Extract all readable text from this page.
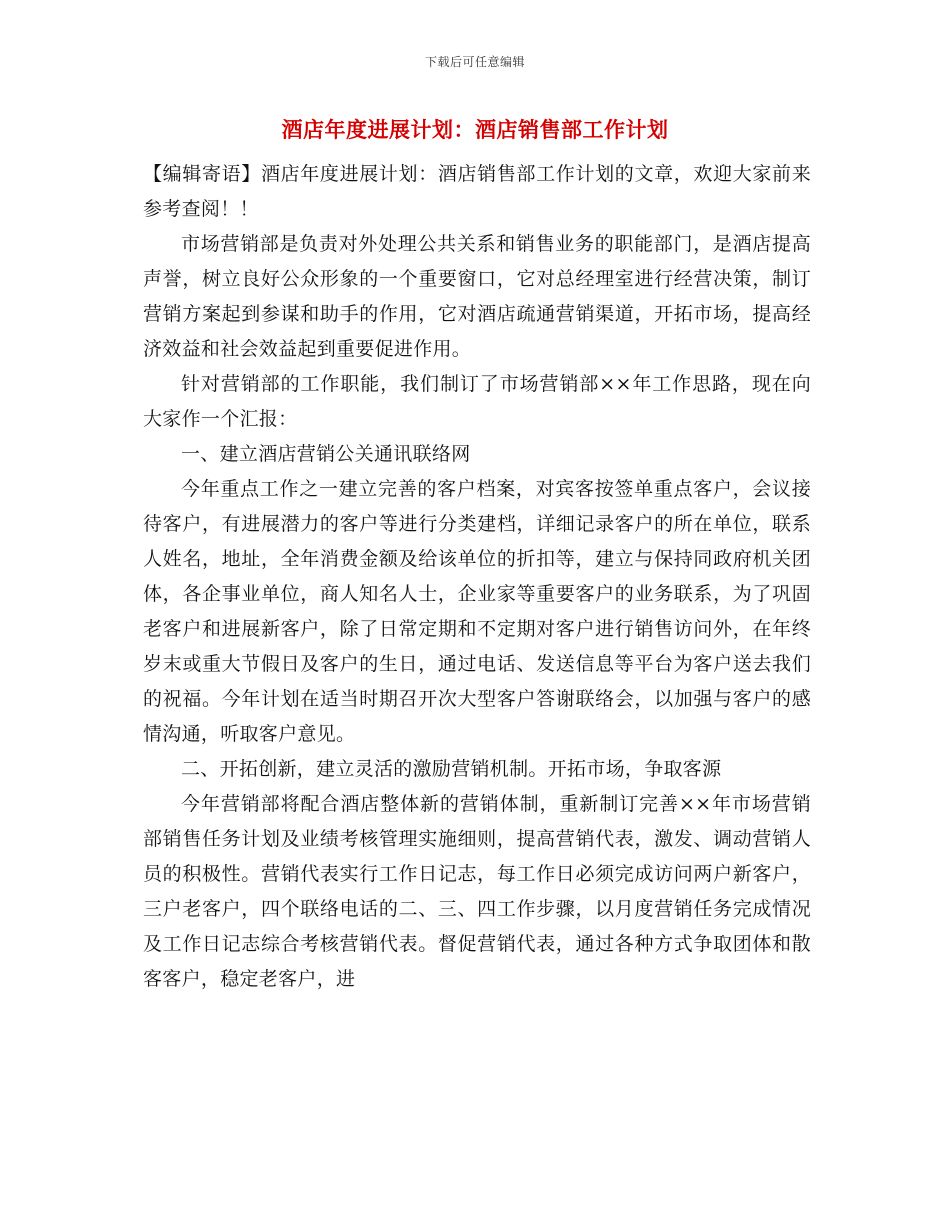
下载后可任意编辑
酒店年度进展计划：酒店销售部工作计划

【编辑寄语】酒店年度进展计划：酒店销售部工作计划的文章，欢迎大家前来参考查阅！！

市场营销部是负责对外处理公共关系和销售业务的职能部门，是酒店提高声誉，树立良好公众形象的一个重要窗口，它对总经理室进行经营决策，制订营销方案起到参谋和助手的作用，它对酒店疏通营销渠道，开拓市场，提高经济效益和社会效益起到重要促进作用。

针对营销部的工作职能，我们制订了市场营销部××年工作思路，现在向大家作一个汇报：

一、建立酒店营销公关通讯联络网

今年重点工作之一建立完善的客户档案，对宾客按签单重点客户，会议接待客户，有进展潜力的客户等进行分类建档，详细记录客户的所在单位，联系人姓名，地址，全年消费金额及给该单位的折扣等，建立与保持同政府机关团体，各企事业单位，商人知名人士，企业家等重要客户的业务联系，为了巩固老客户和进展新客户，除了日常定期和不定期对客户进行销售访问外，在年终岁末或重大节假日及客户的生日，通过电话、发送信息等平台为客户送去我们的祝福。今年计划在适当时期召开次大型客户答谢联络会，以加强与客户的感情沟通，听取客户意见。

二、开拓创新，建立灵活的激励营销机制。开拓市场，争取客源

今年营销部将配合酒店整体新的营销体制，重新制订完善××年市场营销部销售任务计划及业绩考核管理实施细则，提高营销代表，激发、调动营销人员的积极性。营销代表实行工作日记志，每工作日必须完成访问两户新客户，三户老客户，四个联络电话的二、三、四工作步骤，以月度营销任务完成情况及工作日记志综合考核营销代表。督促营销代表，通过各种方式争取团体和散客客户，稳定老客户，进
